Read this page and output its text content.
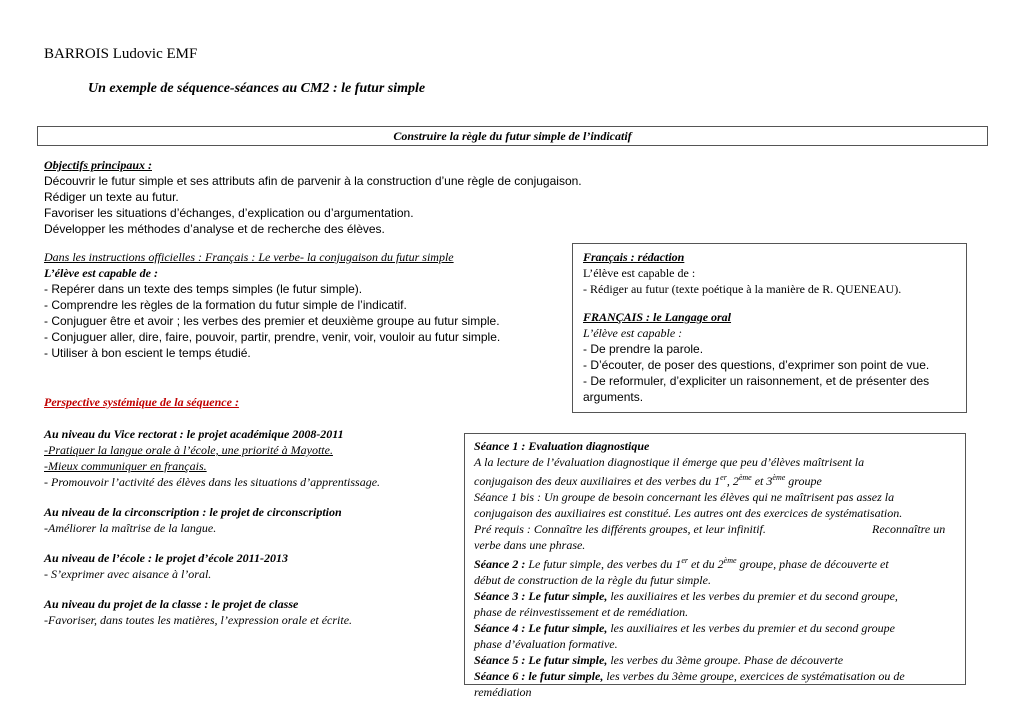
BARROIS Ludovic EMF
Un exemple de séquence-séances au CM2 : le futur simple
Construire la règle du futur simple de l’indicatif
Objectifs principaux :
Découvrir le futur simple et ses attributs afin de parvenir à la construction d’une règle de conjugaison.
Rédiger un texte au futur.
Favoriser les situations d’échanges, d’explication ou d’argumentation.
Développer les méthodes d’analyse et de recherche des élèves.
Dans les instructions officielles : Français : Le verbe- la conjugaison du futur simple
L’élève est capable de :
- Repérer dans un texte des temps simples (le futur simple).
- Comprendre les règles de la formation du futur simple de l’indicatif.
- Conjuguer être et avoir ; les verbes des premier et deuxième groupe au futur simple.
- Conjuguer aller, dire, faire, pouvoir, partir, prendre, venir, voir, vouloir au futur simple.
- Utiliser à bon escient le temps étudié.
Perspective systémique de la séquence :
Au niveau du Vice rectorat : le projet académique 2008-2011
-Pratiquer la langue orale à l’école, une priorité à Mayotte.
-Mieux communiquer en français.
- Promouvoir l’activité des élèves dans les situations d’apprentissage.
Au niveau de la circonscription : le projet de circonscription
-Améliorer la maîtrise de la langue.
Au niveau de l’école : le projet d’école 2011-2013
- S’exprimer avec aisance à l’oral.
Au niveau du projet de la classe : le projet de classe
-Favoriser, dans toutes les matières, l’expression orale et écrite.
Français : rédaction
L’élève est capable de :
- Rédiger au futur (texte poétique à la manière de R. QUENEAU).
FRANÇAIS : le Langage oral
L’élève est capable :
- De prendre la parole.
- D’écouter, de poser des questions, d’exprimer son point de vue.
- De reformuler, d’expliciter un raisonnement, et de présenter des
arguments.
Séance 1 : Evaluation diagnostique
A la lecture de l’évaluation diagnostique il émerge que peu d’élèves maîtrisent la
conjugaison des deux auxiliaires et des verbes du 1er, 2ème et 3ème groupe
Séance 1 bis : Un groupe de besoin concernant les élèves qui ne maîtrisent pas assez la
conjugaison des auxiliaires est constitué. Les autres ont des exercices de systématisation.
Pré requis : Connaître les différents groupes, et leur infinitif.	Reconnaître un
verbe dans une phrase.
Séance 2 : Le futur simple, des verbes du 1er et du 2ème groupe, phase de découverte et
début de construction de la règle du futur simple.
Séance 3 : Le futur simple, les auxiliaires et les verbes du premier et du second groupe,
phase de réinvestissement et de remédiation.
Séance 4 : Le futur simple, les auxiliaires et les verbes du premier et du second groupe
phase d’évaluation formative.
Séance 5 : Le futur simple, les verbes du 3ème groupe. Phase de découverte
Séance 6 : le futur simple, les verbes du 3ème groupe, exercices de systématisation ou de
remédiation
